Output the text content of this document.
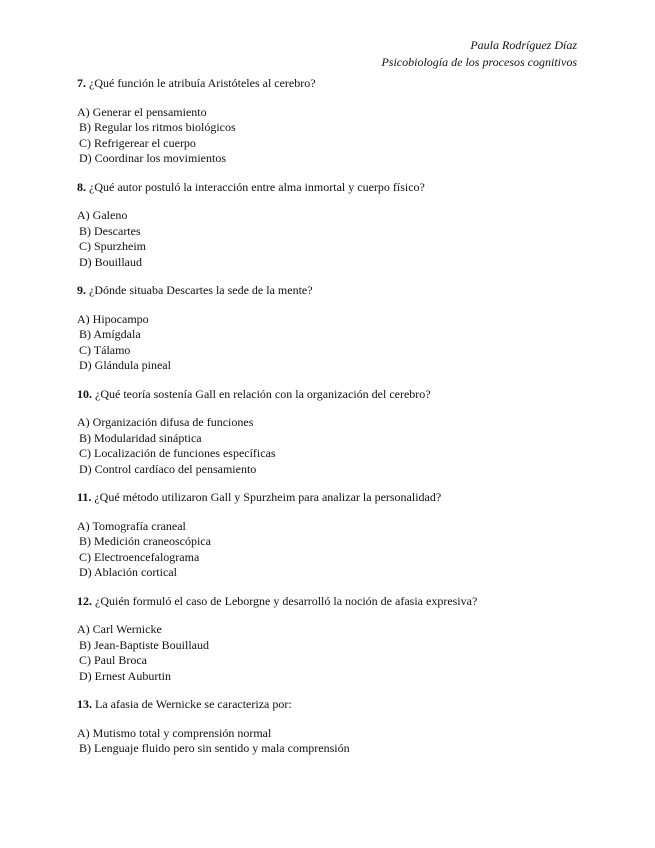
Paula Rodríguez Díaz
Psicobiología de los procesos cognitivos
7. ¿Qué función le atribuía Aristóteles al cerebro?
A) Generar el pensamiento
B) Regular los ritmos biológicos
C) Refrigerear el cuerpo
D) Coordinar los movimientos
8. ¿Qué autor postuló la interacción entre alma inmortal y cuerpo físico?
A) Galeno
B) Descartes
C) Spurzheim
D) Bouillaud
9. ¿Dónde situaba Descartes la sede de la mente?
A) Hipocampo
B) Amígdala
C) Tálamo
D) Glándula pineal
10. ¿Qué teoría sostenía Gall en relación con la organización del cerebro?
A) Organización difusa de funciones
B) Modularidad sináptica
C) Localización de funciones específicas
D) Control cardíaco del pensamiento
11. ¿Qué método utilizaron Gall y Spurzheim para analizar la personalidad?
A) Tomografía craneal
B) Medición craneoscópica
C) Electroencefalograma
D) Ablación cortical
12. ¿Quién formuló el caso de Leborgne y desarrolló la noción de afasia expresiva?
A) Carl Wernicke
B) Jean-Baptiste Bouillaud
C) Paul Broca
D) Ernest Auburtin
13. La afasia de Wernicke se caracteriza por:
A) Mutismo total y comprensión normal
B) Lenguaje fluido pero sin sentido y mala comprensión
